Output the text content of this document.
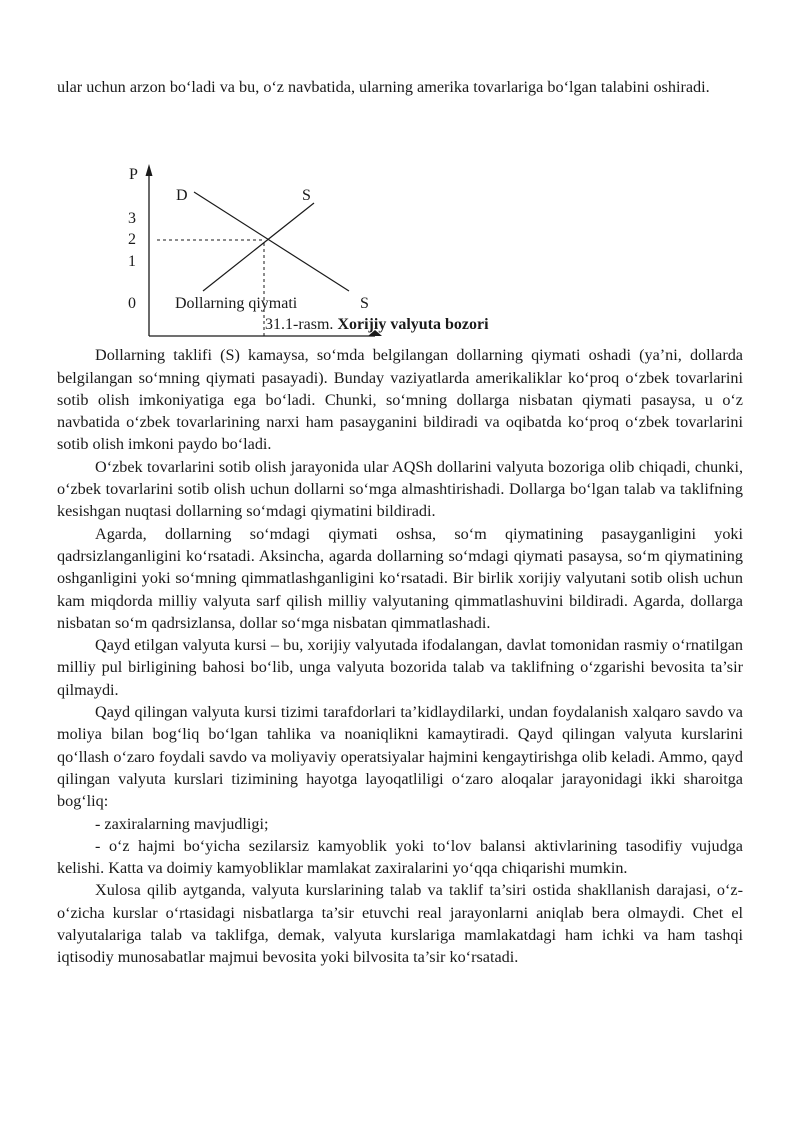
ular uchun arzon bo‘ladi va bu, o‘z navbatida, ularning amerika tovarlariga bo‘lgan talabini oshiradi.

P
D	S
3
2
1
0 Dollarning qiymati	S
31.1-rasm. Xorijiy valyuta bozori

Dollarning taklifi (S) kamaysa, so‘mda belgilangan dollarning qiymati oshadi (ya’ni, dollarda belgilangan so‘mning qiymati pasayadi). Bunday vaziyatlarda amerikaliklar ko‘proq o‘zbek tovarlarini sotib olish imkoniyatiga ega bo‘ladi. Chunki, so‘mning dollarga nisbatan qiymati pasaysa, u o‘z navbatida o‘zbek tovarlarining narxi ham pasayganini bildiradi va oqibatda ko‘proq o‘zbek tovarlarini sotib olish imkoni paydo bo‘ladi.

O‘zbek tovarlarini sotib olish jarayonida ular AQSh dollarini valyuta bozoriga olib chiqadi, chunki, o‘zbek tovarlarini sotib olish uchun dollarni so‘mga almashtirishadi. Dollarga bo‘lgan talab va taklifning kesishgan nuqtasi dollarning so‘mdagi qiymatini bildiradi.

Agarda, dollarning so‘mdagi qiymati oshsa, so‘m qiymatining pasayganligini yoki qadrsizlanganligini ko‘rsatadi. Aksincha, agarda dollarning so‘mdagi qiymati pasaysa, so‘m qiymatining oshganligini yoki so‘mning qimmatlashganligini ko‘rsatadi. Bir birlik xorijiy valyutani sotib olish uchun kam miqdorda milliy valyuta sarf qilish milliy valyutaning qimmatlashuvini bildiradi. Agarda, dollarga nisbatan so‘m qadrsizlansa, dollar so‘mga nisbatan qimmatlashadi.

Qayd etilgan valyuta kursi – bu, xorijiy valyutada ifodalangan, davlat tomonidan rasmiy o‘rnatilgan milliy pul birligining bahosi bo‘lib, unga valyuta bozorida talab va taklifning o‘zgarishi bevosita ta’sir qilmaydi.

Qayd qilingan valyuta kursi tizimi tarafdorlari ta’kidlaydilarki, undan foydalanish xalqaro savdo va moliya bilan bog‘liq bo‘lgan tahlika va noaniqlikni kamaytiradi. Qayd qilingan valyuta kurslarini qo‘llash o‘zaro foydali savdo va moliyaviy operatsiyalar hajmini kengaytirishga olib keladi. Ammo, qayd qilingan valyuta kurslari tizimining hayotga layoqatliligi o‘zaro aloqalar jarayonidagi ikki sharoitga bog‘liq:

- zaxiralarning mavjudligi;

- o‘z hajmi bo‘yicha sezilarsiz kamyoblik yoki to‘lov balansi aktivlarining tasodifiy vujudga kelishi. Katta va doimiy kamyobliklar mamlakat zaxiralarini yo‘qqa chiqarishi mumkin.

Xulosa qilib aytganda, valyuta kurslarining talab va taklif ta’siri ostida shakllanish darajasi, o‘z-o‘zicha kurslar o‘rtasidagi nisbatlarga ta’sir etuvchi real jarayonlarni aniqlab bera olmaydi. Chet el valyutalariga talab va taklifga, demak, valyuta kurslariga mamlakatdagi ham ichki va ham tashqi iqtisodiy munosabatlar majmui bevosita yoki bilvosita ta’sir ko‘rsatadi.
